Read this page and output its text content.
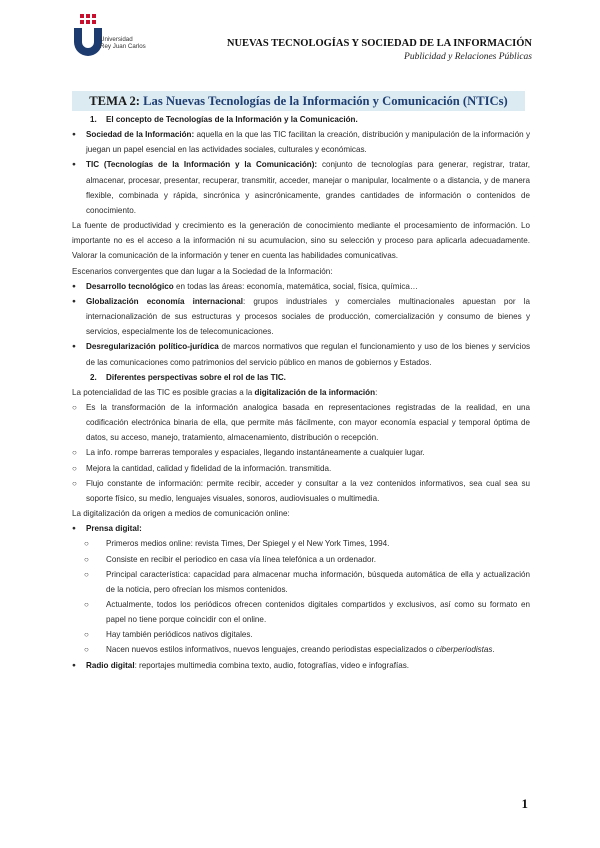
Universidad
Rey Juan Carlos	NUEVAS TECNOLOGÍAS Y SOCIEDAD DE LA INFORMACIÓN
Publicidad y Relaciones Públicas
TEMA 2: Las Nuevas Tecnologías de la Información y Comunicación (NTICs)

1. El concepto de Tecnologías de la Información y la Comunicación.

● Sociedad de la Información: aquella en la que las TIC facilitan la creación, distribución y manipulación de la información y juegan un papel esencial en las actividades sociales, culturales y económicas.

● TIC (Tecnologías de la Información y la Comunicación): conjunto de tecnologías para generar, registrar, tratar, almacenar, procesar, presentar, recuperar, transmitir, acceder, manejar o manipular, localmente o a distancia, y de manera flexible, combinada y rápida, sincrónica y asincrónicamente, grandes cantidades de información o contenidos de conocimiento.

La fuente de productividad y crecimiento es la generación de conocimiento mediante el procesamiento de información. Lo importante no es el acceso a la información ni su acumulacion, sino su selección y proceso para aplicarla adecuadamente. Valorar la comunicación de la información y tener en cuenta las habilidades comunicativas.

Escenarios convergentes que dan lugar a la Sociedad de la Información:

● Desarrollo tecnológico en todas las áreas: economía, matemática, social, física, química…

● Globalización economía internacional: grupos industriales y comerciales multinacionales apuestan por la internacionalización de sus estructuras y procesos sociales de producción, comercialización y consumo de bienes y servicios, especialmente los de telecomunicaciones.

● Desregularización político-jurídica de marcos normativos que regulan el funcionamiento y uso de los bienes y servicios de las comunicaciones como patrimonios del servicio público en manos de gobiernos y Estados.

2. Diferentes perspectivas sobre el rol de las TIC.

La potencialidad de las TIC es posible gracias a la digitalización de la información:

○ Es la transformación de la información analogica basada en representaciones registradas de la realidad, en una codificación electrónica binaria de ella, que permite más fácilmente, con mayor economía espacial y temporal óptima de datos, su acceso, manejo, tratamiento, almacenamiento, distribución o recepción.

○ La info. rompe barreras temporales y espaciales, llegando instantáneamente a cualquier lugar.

○ Mejora la cantidad, calidad y fidelidad de la información. transmitida.

○ Flujo constante de información: permite recibir, acceder y consultar a la vez contenidos informativos, sea cual sea su soporte físico, su medio, lenguajes visuales, sonoros, audiovisuales o multimedia.

La digitalización da origen a medios de comunicación online:

● Prensa digital:

○ Primeros medios online: revista Times, Der Spiegel y el New York Times, 1994.

○ Consiste en recibir el periodico en casa vía línea telefónica a un ordenador.

○ Principal característica: capacidad para almacenar mucha información, búsqueda automática de ella y actualización de la noticia, pero ofrecían los mismos contenidos.

○ Actualmente, todos los periódicos ofrecen contenidos digitales compartidos y exclusivos, así como su formato en papel no tiene porque coincidir con el online.

○ Hay también periódicos nativos digitales.

○ Nacen nuevos estilos informativos, nuevos lenguajes, creando periodistas especializados o ciberperiodistas.

● Radio digital: reportajes multimedia combina texto, audio, fotografías, video e infografías.

1
